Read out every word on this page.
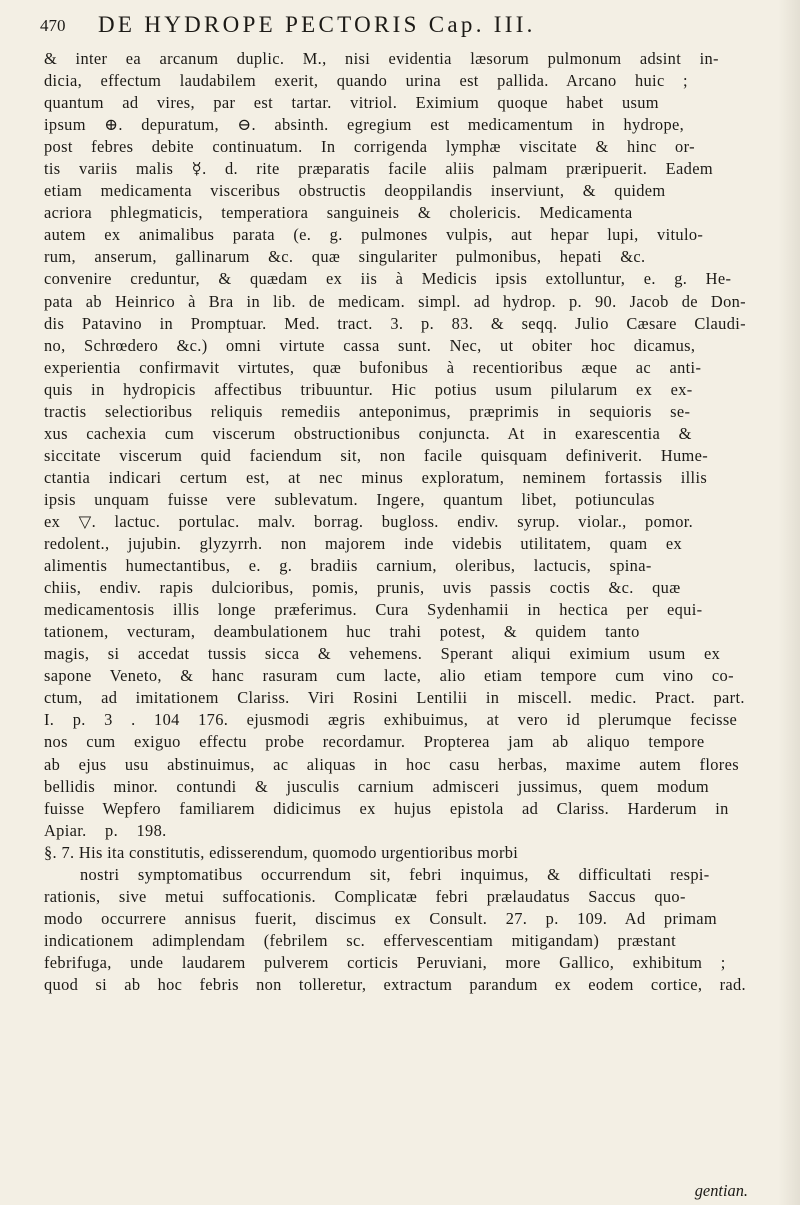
470 DE HYDROPE PECTORIS Cap. III.
& inter ea arcanum duplic. M., nisi evidentia læsorum pulmonum adsint in-
dicia, effectum laudabilem exerit, quando urina est pallida. Arcano huic ;
quantum ad vires, par est tartar. vitriol. Eximium quoque habet usum
ipsum ⊕. depuratum, ⊖. absinth. egregium est medicamentum in hydrope,
post febres debite continuatum. In corrigenda lymphæ viscitate & hinc or-
tis variis malis ☿. d. rite præparatis facile aliis palmam præripuerit. Eadem
etiam medicamenta visceribus obstructis deoppilandis inserviunt, & quidem
acriora phlegmaticis, temperatiora sanguineis & cholericis. Medicamenta
autem ex animalibus parata (e. g. pulmones vulpis, aut hepar lupi, vitulo-
rum, anserum, gallinarum &c. quæ singulariter pulmonibus, hepati &c.
convenire creduntur, & quædam ex iis à Medicis ipsis extolluntur, e. g. He-
pata ab Heinrico à Bra in lib. de medicam. simpl. ad hydrop. p. 90. Jacob de Don-
dis Patavino in Promptuar. Med. tract. 3. p. 83. & seqq. Julio Cæsare Claudi-
no, Schrœdero &c.) omni virtute cassa sunt. Nec, ut obiter hoc dicamus,
experientia confirmavit virtutes, quæ bufonibus à recentioribus æque ac anti-
quis in hydropicis affectibus tribuuntur. Hic potius usum pilularum ex ex-
tractis selectioribus reliquis remediis anteponimus, præprimis in sequioris se-
xus cachexia cum viscerum obstructionibus conjuncta. At in exarescentia &
siccitate viscerum quid faciendum sit, non facile quisquam definiverit. Hume-
ctantia indicari certum est, at nec minus exploratum, neminem fortassis illis
ipsis unquam fuisse vere sublevatum. Ingere, quantum libet, potiunculas
ex ▽. lactuc. portulac. malv. borrag. bugloss. endiv. syrup. violar., pomor.
redolent., jujubin. glyzyrrh. non majorem inde videbis utilitatem, quam ex
alimentis humectantibus, e. g. bradiis carnium, oleribus, lactucis, spina-
chiis, endiv. rapis dulcioribus, pomis, prunis, uvis passis coctis &c. quæ
medicamentosis illis longe præferimus. Cura Sydenhamii in hectica per equi-
tationem, vecturam, deambulationem huc trahi potest, & quidem tanto
magis, si accedat tussis sicca & vehemens. Sperant aliqui eximium usum ex
sapone Veneto, & hanc rasuram cum lacte, alio etiam tempore cum vino co-
ctum, ad imitationem Clariss. Viri Rosini Lentilii in miscell. medic. Pract. part.
I. p. 3 . 104 176. ejusmodi ægris exhibuimus, at vero id plerumque fecisse
nos cum exiguo effectu probe recordamur. Propterea jam ab aliquo tempore
ab ejus usu abstinuimus, ac aliquas in hoc casu herbas, maxime autem flores
bellidis minor. contundi & jusculis carnium admisceri jussimus, quem modum
fuisse Wepfero familiarem didicimus ex hujus epistola ad Clariss. Harderum in
Apiar. p. 198.
§. 7. His ita constitutis, edisserendum, quomodo urgentioribus morbi
nostri symptomatibus occurrendum sit, febri inquimus, & difficultati respi-
rationis, sive metui suffocationis. Complicatæ febri prælaudatus Saccus quo-
modo occurrere annisus fuerit, discimus ex Consult. 27. p. 109. Ad primam
indicationem adimplendam (febrilem sc. effervescentiam mitigandam) præstant
febrifuga, unde laudarem pulverem corticis Peruviani, more Gallico, exhibitum ;
quod si ab hoc febris non tolleretur, extractum parandum ex eodem cortice, rad.
gentian.
